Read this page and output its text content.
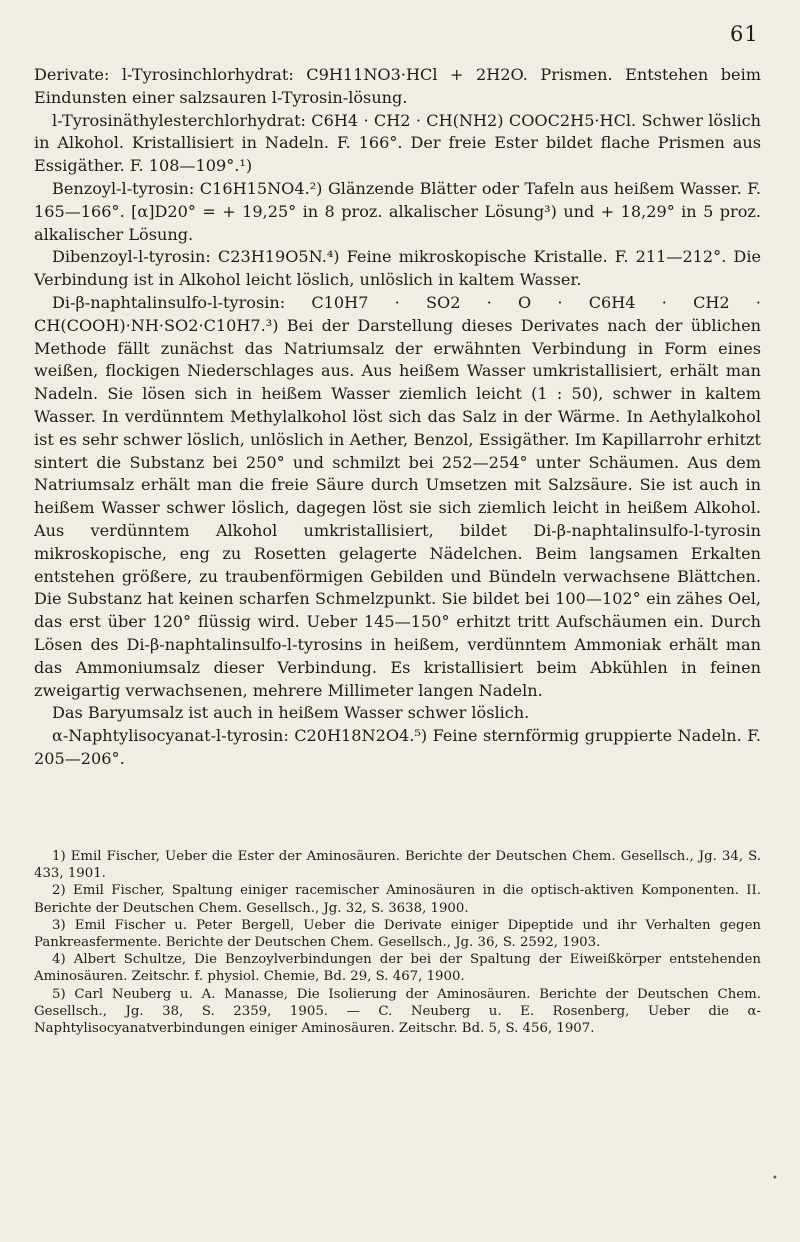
61

Derivate: l-Tyrosinchlorhydrat: C9H11NO3·HCl + 2H2O. Prismen. Entstehen beim Eindunsten einer salzsauren l-Tyrosin-lösung.

l-Tyrosinäthylesterchlorhydrat: C6H4 · CH2 · CH(NH2) COOC2H5·HCl. Schwer löslich in Alkohol. Kristallisiert in Nadeln. F. 166°. Der freie Ester bildet flache Prismen aus Essigäther. F. 108—109°.¹)

Benzoyl-l-tyrosin: C16H15NO4.²) Glänzende Blätter oder Tafeln aus heißem Wasser. F. 165—166°. [α]D20° = + 19,25° in 8 proz. alkalischer Lösung³) und + 18,29° in 5 proz. alkalischer Lösung.

Dibenzoyl-l-tyrosin: C23H19O5N.⁴) Feine mikroskopische Kristalle. F. 211—212°. Die Verbindung ist in Alkohol leicht löslich, unlöslich in kaltem Wasser.

Di-β-naphtalinsulfo-l-tyrosin: C10H7 · SO2 · O · C6H4 · CH2 · CH(COOH)·NH·SO2·C10H7.³) Bei der Darstellung dieses Derivates nach der üblichen Methode fällt zunächst das Natriumsalz der erwähnten Verbindung in Form eines weißen, flockigen Niederschlages aus. Aus heißem Wasser umkristallisiert, erhält man Nadeln. Sie lösen sich in heißem Wasser ziemlich leicht (1 : 50), schwer in kaltem Wasser. In verdünntem Methylalkohol löst sich das Salz in der Wärme. In Aethylalkohol ist es sehr schwer löslich, unlöslich in Aether, Benzol, Essigäther. Im Kapillarrohr erhitzt sintert die Substanz bei 250° und schmilzt bei 252—254° unter Schäumen. Aus dem Natriumsalz erhält man die freie Säure durch Umsetzen mit Salzsäure. Sie ist auch in heißem Wasser schwer löslich, dagegen löst sie sich ziemlich leicht in heißem Alkohol. Aus verdünntem Alkohol umkristallisiert, bildet Di-β-naphtalinsulfo-l-tyrosin mikroskopische, eng zu Rosetten gelagerte Nädelchen. Beim langsamen Erkalten entstehen größere, zu traubenförmigen Gebilden und Bündeln verwachsene Blättchen. Die Substanz hat keinen scharfen Schmelzpunkt. Sie bildet bei 100—102° ein zähes Oel, das erst über 120° flüssig wird. Ueber 145—150° erhitzt tritt Aufschäumen ein. Durch Lösen des Di-β-naphtalinsulfo-l-tyrosins in heißem, verdünntem Ammoniak erhält man das Ammoniumsalz dieser Verbindung. Es kristallisiert beim Abkühlen in feinen zweigartig verwachsenen, mehrere Millimeter langen Nadeln.

Das Baryumsalz ist auch in heißem Wasser schwer löslich.

α-Naphtylisocyanat-l-tyrosin: C20H18N2O4.⁵) Feine sternförmig gruppierte Nadeln. F. 205—206°.

1) Emil Fischer, Ueber die Ester der Aminosäuren. Berichte der Deutschen Chem. Gesellsch., Jg. 34, S. 433, 1901.

2) Emil Fischer, Spaltung einiger racemischer Aminosäuren in die optisch-aktiven Komponenten. II. Berichte der Deutschen Chem. Gesellsch., Jg. 32, S. 3638, 1900.

3) Emil Fischer u. Peter Bergell, Ueber die Derivate einiger Dipeptide und ihr Verhalten gegen Pankreasfermente. Berichte der Deutschen Chem. Gesellsch., Jg. 36, S. 2592, 1903.

4) Albert Schultze, Die Benzoylverbindungen der bei der Spaltung der Eiweißkörper entstehenden Aminosäuren. Zeitschr. f. physiol. Chemie, Bd. 29, S. 467, 1900.

5) Carl Neuberg u. A. Manasse, Die Isolierung der Aminosäuren. Berichte der Deutschen Chem. Gesellsch., Jg. 38, S. 2359, 1905. — C. Neuberg u. E. Rosenberg, Ueber die α-Naphtylisocyanatverbindungen einiger Aminosäuren. Zeitschr. Bd. 5, S. 456, 1907.

•
